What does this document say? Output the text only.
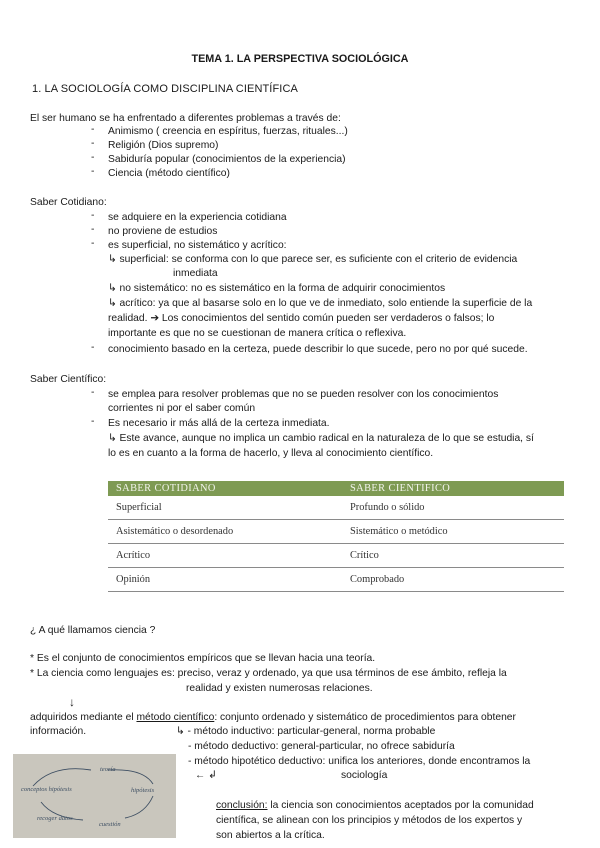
TEMA 1. LA PERSPECTIVA SOCIOLÓGICA
1. LA SOCIOLOGÍA COMO DISCIPLINA CIENTÍFICA
El ser humano se ha enfrentado a diferentes problemas a través de:
- Animismo ( creencia en espíritus, fuerzas, rituales...)
- Religión (Dios supremo)
- Sabiduría popular (conocimientos de la experiencia)
- Ciencia (método científico)
Saber Cotidiano:
- se adquiere en la experiencia cotidiana
- no proviene de estudios
- es superficial, no sistemático y acrítico:
↳ superficial: se conforma con lo que parece ser, es suficiente con el criterio de evidencia
inmediata
↳ no sistemático: no es sistemático en la forma de adquirir conocimientos
↳ acrítico: ya que al basarse solo en lo que ve de inmediato, solo entiende la superficie de la
realidad. ➔ Los conocimientos del sentido común pueden ser verdaderos o falsos; lo
importante es que no se cuestionan de manera crítica o reflexiva.
- conocimiento basado en la certeza, puede describir lo que sucede, pero no por qué sucede.
Saber Científico:
- se emplea para resolver problemas que no se pueden resolver con los conocimientos
corrientes ni por el saber común
- Es necesario ir más allá de la certeza inmediata.
↳ Este avance, aunque no implica un cambio radical en la naturaleza de lo que se estudia, sí
lo es en cuanto a la forma de hacerlo, y lleva al conocimiento científico.
SABER COTIDIANO	SABER CIENTIFICO
Superficial	Profundo o sólido
Asistemático o desordenado	Sistemático o metódico
Acrítico	Crítico
Opinión	Comprobado
¿ A qué llamamos ciencia ?
* Es el conjunto de conocimientos empíricos que se llevan hacia una teoría.
* La ciencia como lenguajes es: preciso, veraz y ordenado, ya que usa términos de ese ámbito, refleja la
realidad y existen numerosas relaciones.
↓
adquiridos mediante el método científico: conjunto ordenado y sistemático de procedimientos para obtener
información.	↳ - método inductivo: particular-general, norma probable
- método deductivo: general-particular, no ofrece sabiduría
- método hipotético deductivo: unifica los anteriores, donde encontramos la
← ↲	sociología
conclusión: la ciencia son conocimientos aceptados por la comunidad
científica, se alinean con los principios y métodos de los expertos y
son abiertos a la crítica.
teoría
conceptos hipótesis	hipótesis
recoger datos
cuestión
